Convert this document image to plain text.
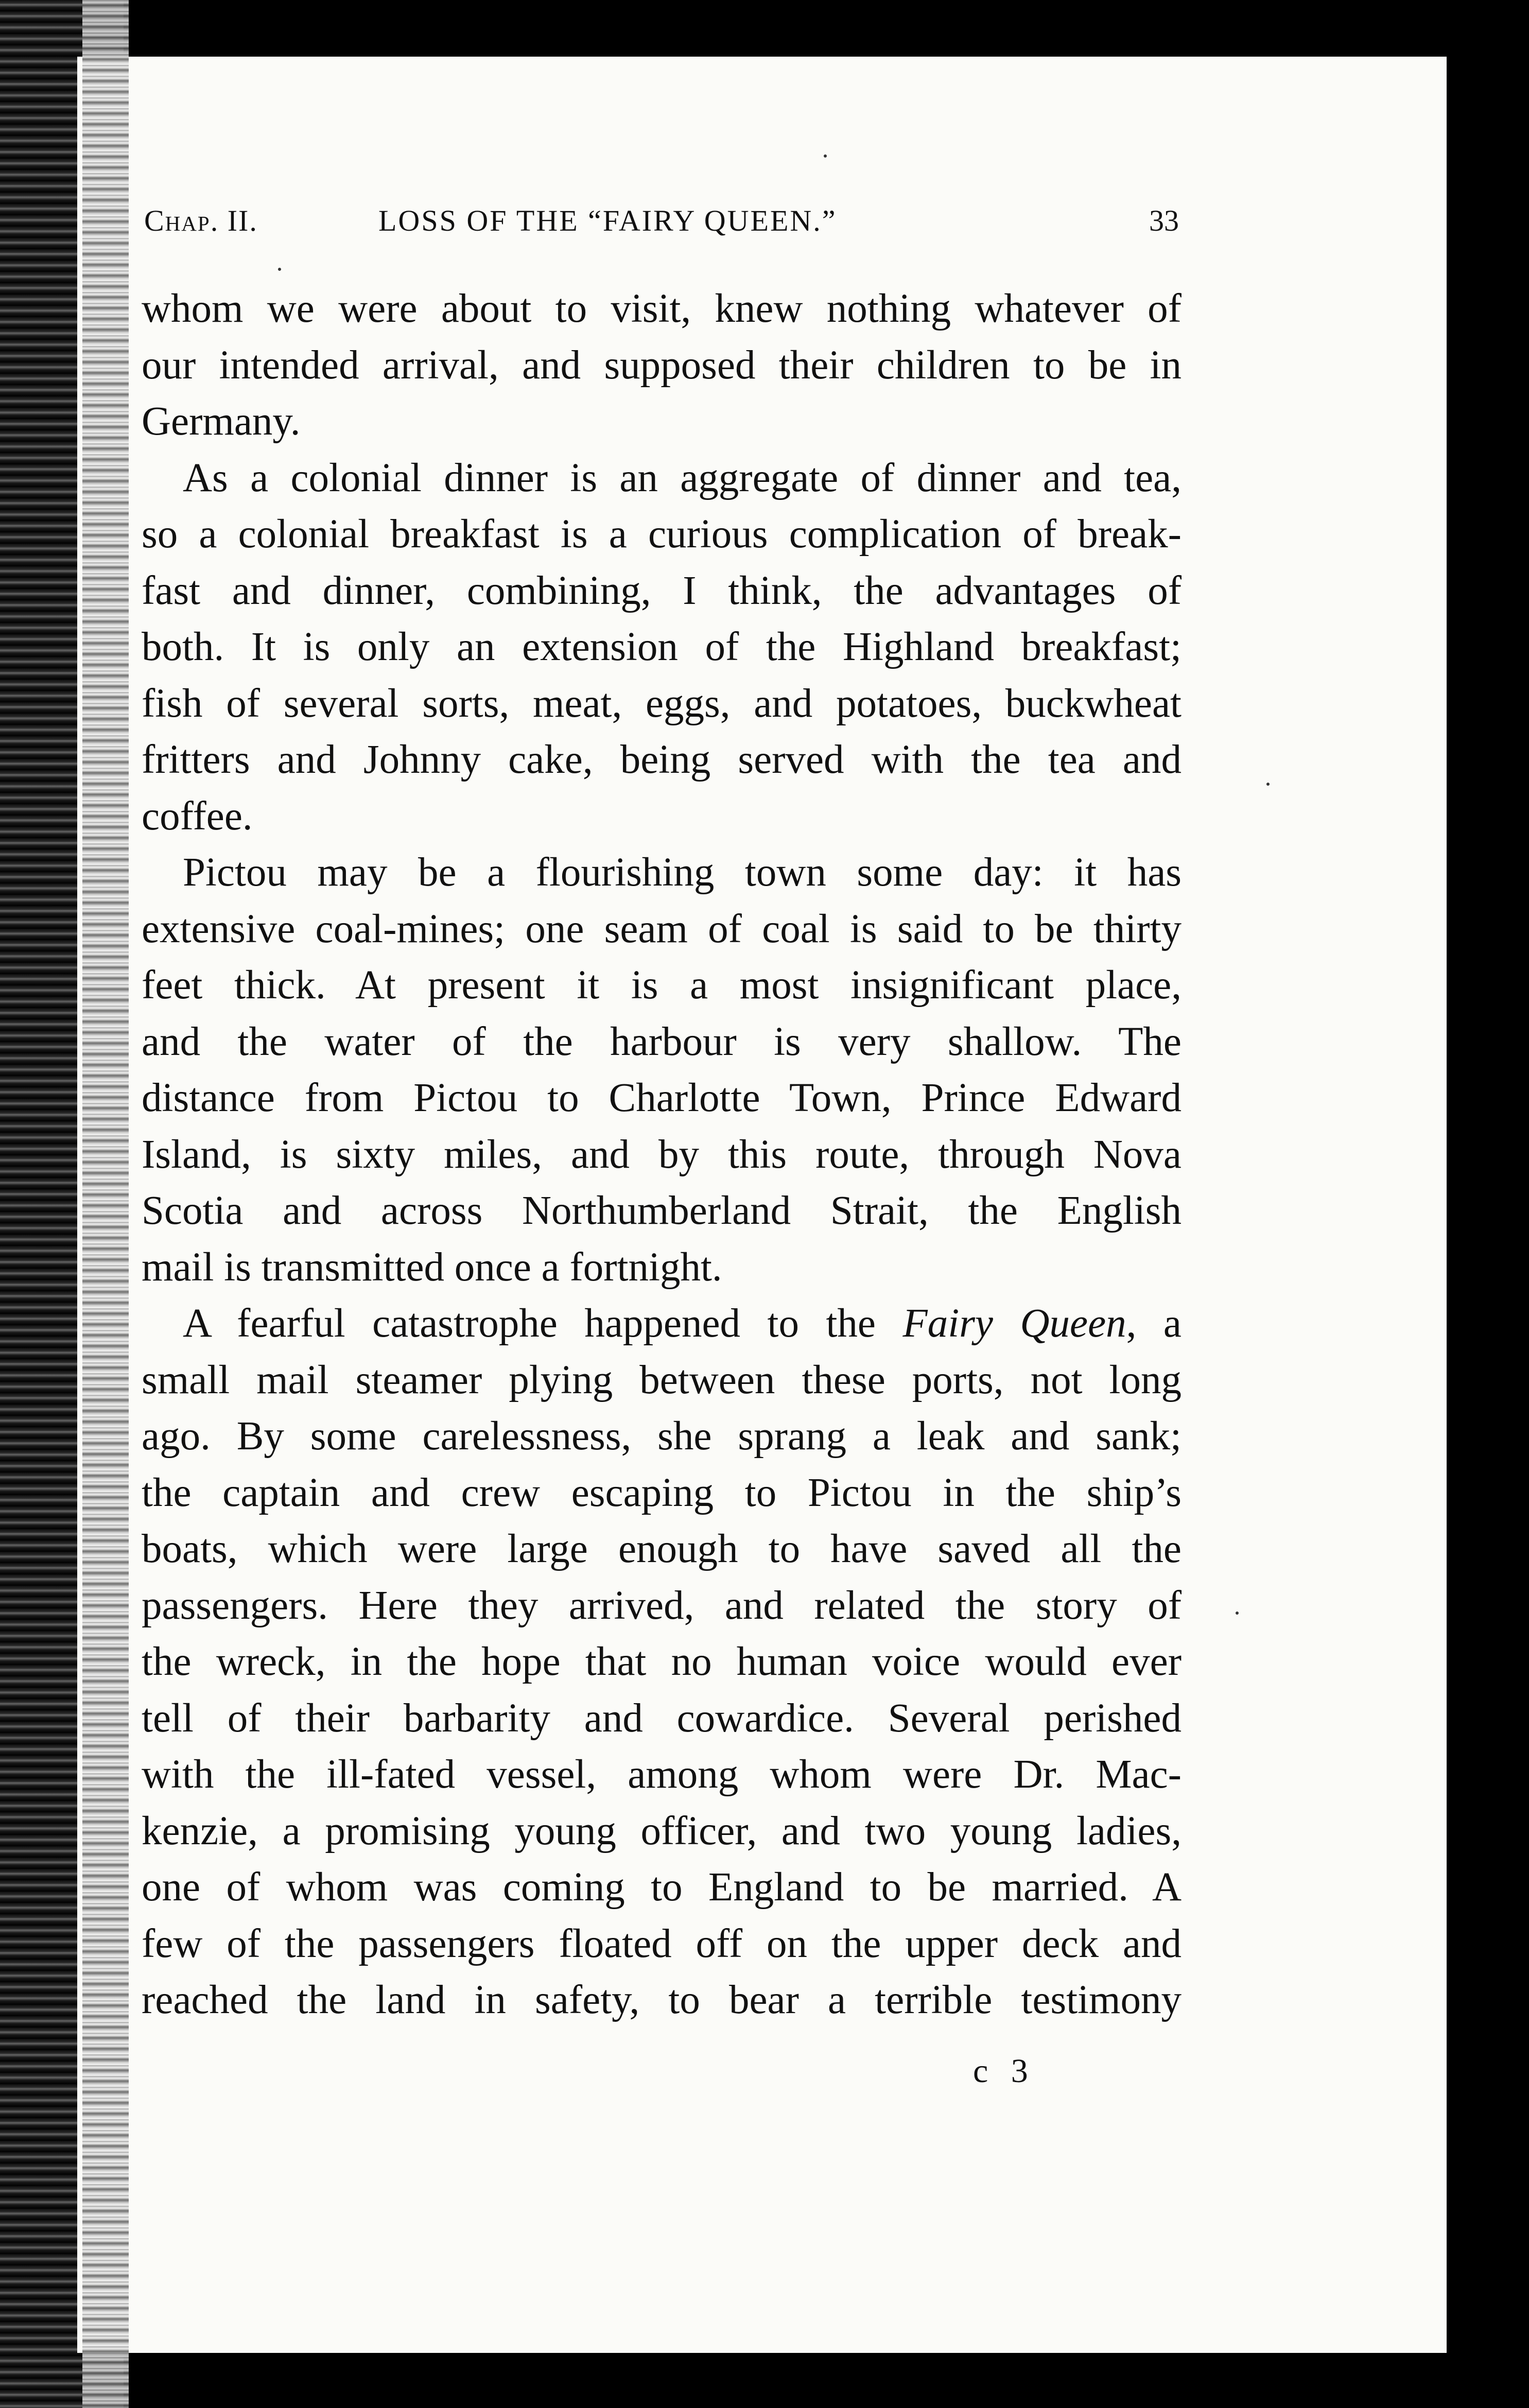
Chap. II.	LOSS OF THE “FAIRY QUEEN.”	33
whom we were about to visit, knew nothing whatever of
our intended arrival, and supposed their children to be in
Germany.
As a colonial dinner is an aggregate of dinner and tea,
so a colonial breakfast is a curious complication of break-
fast and dinner, combining, I think, the advantages of
both. It is only an extension of the Highland breakfast;
fish of several sorts, meat, eggs, and potatoes, buckwheat
fritters and Johnny cake, being served with the tea and
coffee.
Pictou may be a flourishing town some day: it has
extensive coal-mines; one seam of coal is said to be thirty
feet thick. At present it is a most insignificant place,
and the water of the harbour is very shallow. The
distance from Pictou to Charlotte Town, Prince Edward
Island, is sixty miles, and by this route, through Nova
Scotia and across Northumberland Strait, the English
mail is transmitted once a fortnight.
A fearful catastrophe happened to the Fairy Queen, a
small mail steamer plying between these ports, not long
ago. By some carelessness, she sprang a leak and sank;
the captain and crew escaping to Pictou in the ship’s
boats, which were large enough to have saved all the
passengers. Here they arrived, and related the story of
the wreck, in the hope that no human voice would ever
tell of their barbarity and cowardice. Several perished
with the ill-fated vessel, among whom were Dr. Mac-
kenzie, a promising young officer, and two young ladies,
one of whom was coming to England to be married. A
few of the passengers floated off on the upper deck and
reached the land in safety, to bear a terrible testimony
c 3
